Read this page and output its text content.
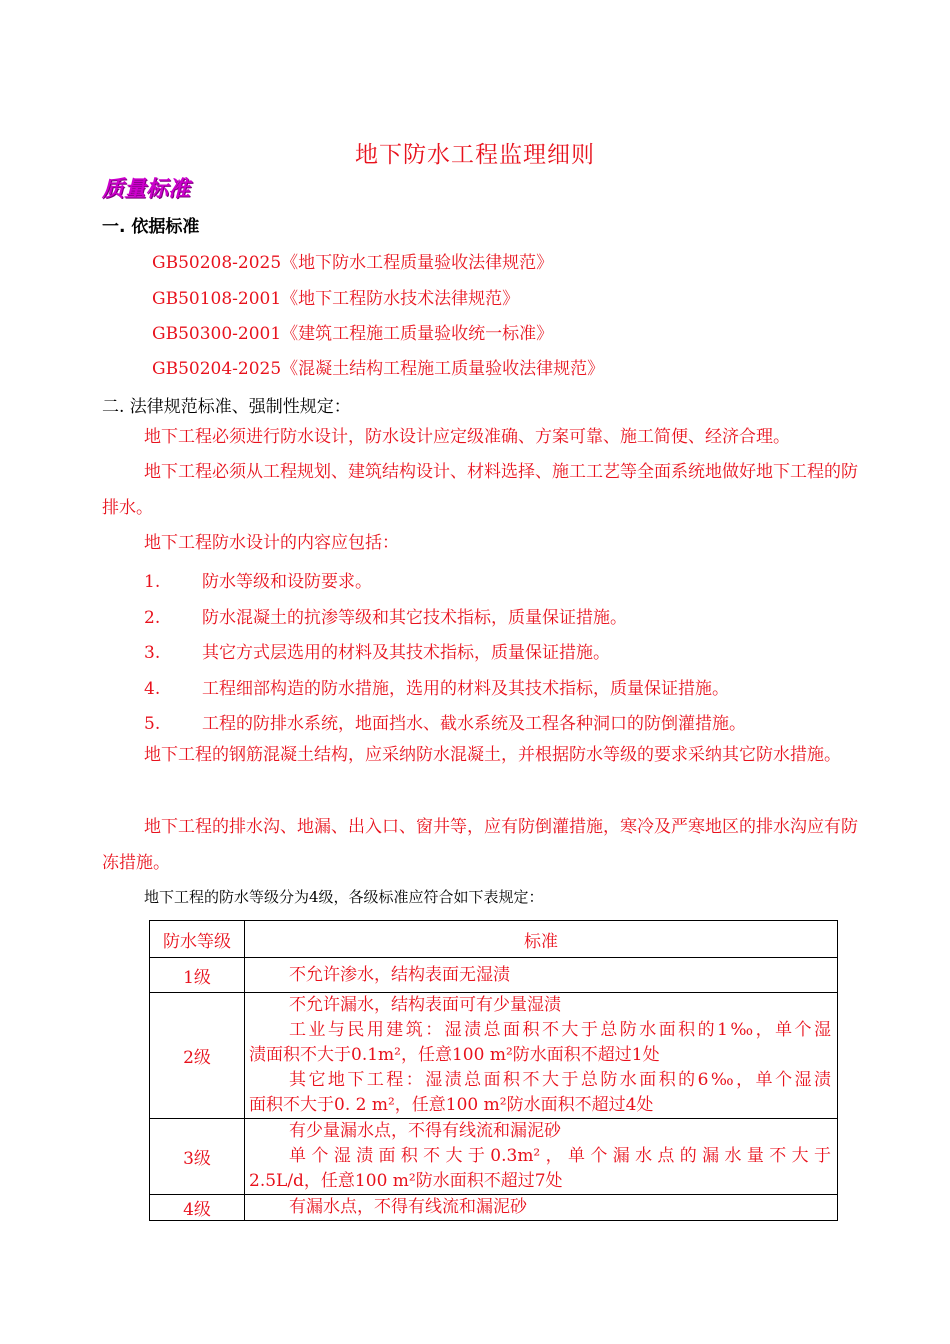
地下防水工程监理细则
质量标准
一. 依据标准
GB50208-2025《地下防水工程质量验收法律规范》
GB50108-2001《地下工程防水技术法律规范》
GB50300-2001《建筑工程施工质量验收统一标准》
GB50204-2025《混凝土结构工程施工质量验收法律规范》
二. 法律规范标准、强制性规定：
地下工程必须进行防水设计，防水设计应定级准确、方案可靠、施工简便、经济合理。
地下工程必须从工程规划、建筑结构设计、材料选择、施工工艺等全面系统地做好地下工程的防排水。
地下工程防水设计的内容应包括：
1. 防水等级和设防要求。
2. 防水混凝土的抗渗等级和其它技术指标，质量保证措施。
3. 其它方式层选用的材料及其技术指标，质量保证措施。
4. 工程细部构造的防水措施，选用的材料及其技术指标，质量保证措施。
5. 工程的防排水系统，地面挡水、截水系统及工程各种洞口的防倒灌措施。
地下工程的钢筋混凝土结构，应采纳防水混凝土，并根据防水等级的要求采纳其它防水措施。
地下工程的排水沟、地漏、出入口、窗井等，应有防倒灌措施，寒冷及严寒地区的排水沟应有防冻措施。
地下工程的防水等级分为4级，各级标准应符合如下表规定：
防水等级	标准
1级	不允许渗水，结构表面无湿渍

2级	不允许漏水，结构表面可有少量湿渍
工业与民用建筑：湿渍总面积不大于总防水面积的1‰，单个湿
渍面积不大于0.1m²，任意100 m²防水面积不超过1处
其它地下工程：湿渍总面积不大于总防水面积的6‰，单个湿渍
面积不大于0. 2 m²，任意100 m²防水面积不超过4处

3级	有少量漏水点，不得有线流和漏泥砂
单个湿渍面积不大于0.3m²，单个漏水点的漏水量不大于
2.5L/d，任意100 m²防水面积不超过7处

4级	有漏水点，不得有线流和漏泥砂
